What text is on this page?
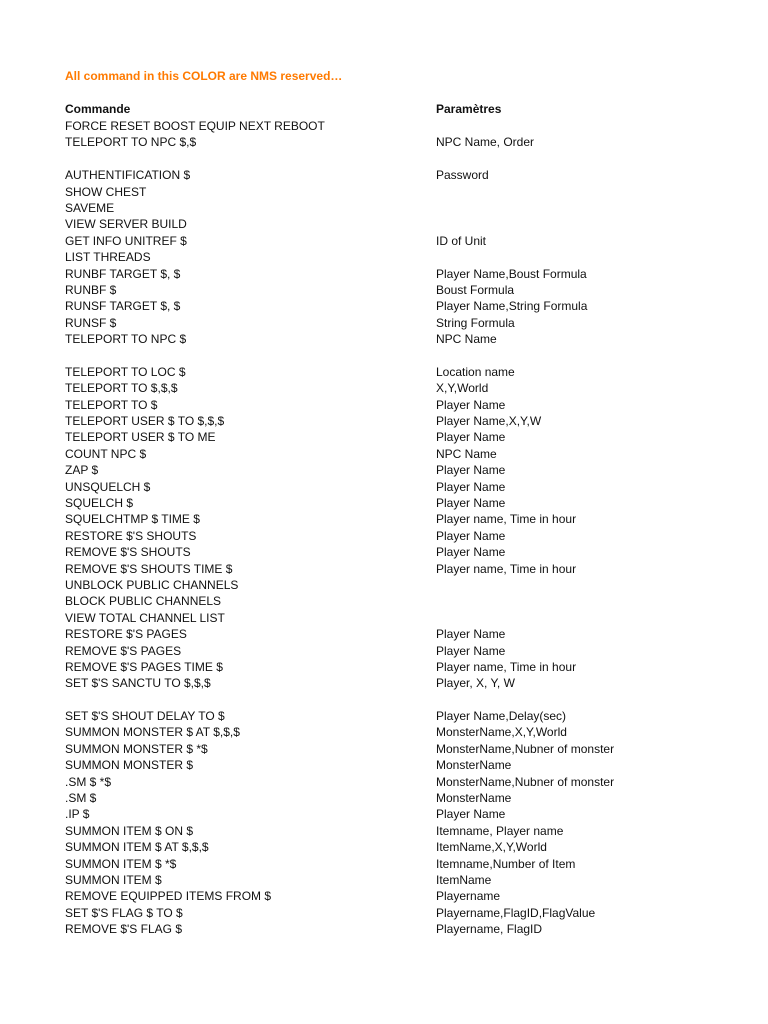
All command in this COLOR are NMS reserved…
Commande	Paramètres
FORCE RESET BOOST EQUIP NEXT REBOOT
TELEPORT TO NPC $,$	NPC Name, Order
AUTHENTIFICATION $	Password
SHOW CHEST
SAVEME
VIEW SERVER BUILD
GET INFO UNITREF $	ID of Unit
LIST THREADS
RUNBF TARGET $, $	Player Name,Boust Formula
RUNBF $	Boust Formula
RUNSF TARGET $, $	Player Name,String Formula
RUNSF $	String Formula
TELEPORT TO NPC $	NPC Name
TELEPORT TO LOC $	Location name
TELEPORT TO $,$,$	X,Y,World
TELEPORT TO $	Player Name
TELEPORT USER $ TO $,$,$	Player Name,X,Y,W
TELEPORT USER $ TO ME	Player Name
COUNT NPC $	NPC Name
ZAP $	Player Name
UNSQUELCH $	Player Name
SQUELCH $	Player Name
SQUELCHTMP $ TIME $	Player name, Time in hour
RESTORE $'S SHOUTS	Player Name
REMOVE $'S SHOUTS	Player Name
REMOVE $'S SHOUTS TIME $	Player name, Time in hour
UNBLOCK PUBLIC CHANNELS
BLOCK PUBLIC CHANNELS
VIEW TOTAL CHANNEL LIST
RESTORE $'S PAGES	Player Name
REMOVE $'S PAGES	Player Name
REMOVE $'S PAGES TIME $	Player name, Time in hour
SET $'S SANCTU TO $,$,$	Player, X, Y, W
SET $'S SHOUT DELAY TO $	Player Name,Delay(sec)
SUMMON MONSTER $ AT $,$,$	MonsterName,X,Y,World
SUMMON MONSTER $ *$	MonsterName,Nubner of monster
SUMMON MONSTER $	MonsterName
.SM $ *$	MonsterName,Nubner of monster
.SM $	MonsterName
.IP $	Player Name
SUMMON ITEM $ ON $	Itemname, Player name
SUMMON ITEM $ AT $,$,$	ItemName,X,Y,World
SUMMON ITEM $ *$	Itemname,Number of Item
SUMMON ITEM $	ItemName
REMOVE EQUIPPED ITEMS FROM $	Playername
SET $'S FLAG $ TO $	Playername,FlagID,FlagValue
REMOVE $'S FLAG $	Playername, FlagID
